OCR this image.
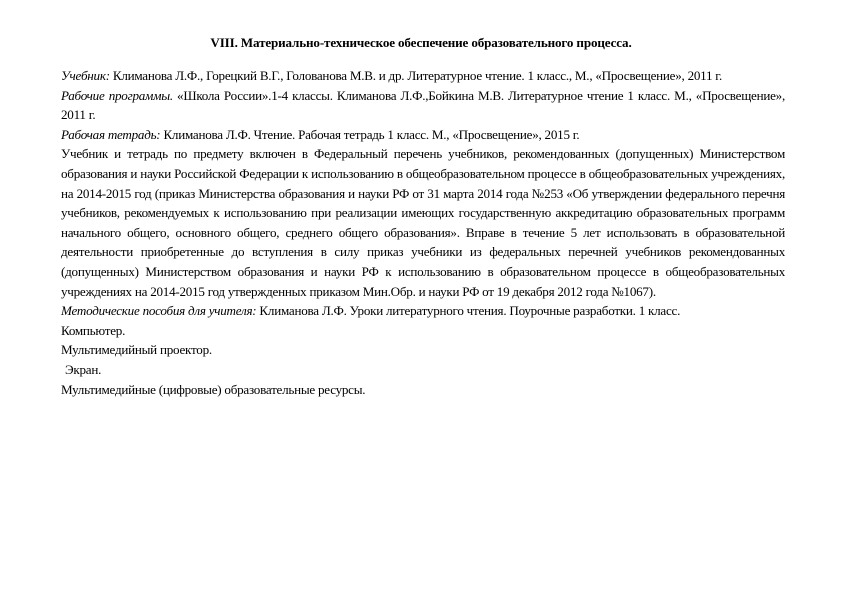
VIII. Материально-техническое обеспечение образовательного процесса.

Учебник: Климанова Л.Ф., Горецкий В.Г., Голованова М.В. и др. Литературное чтение. 1 класс., М., «Просвещение», 2011 г.

Рабочие программы. «Школа России».1-4 классы. Климанова Л.Ф.,Бойкина М.В. Литературное чтение 1 класс. М., «Просвещение», 2011 г.

Рабочая тетрадь: Климанова Л.Ф. Чтение. Рабочая тетрадь 1 класс. М., «Просвещение», 2015 г.

Учебник и тетрадь по предмету включен в Федеральный перечень учебников, рекомендованных (допущенных) Министерством образования и науки Российской Федерации к использованию в общеобразовательном процессе в общеобразовательных учреждениях, на 2014-2015 год (приказ Министерства образования и науки РФ от 31 марта 2014 года №253 «Об утверждении федерального перечня учебников, рекомендуемых к использованию при реализации имеющих государственную аккредитацию образовательных программ начального общего, основного общего, среднего общего образования». Вправе в течение 5 лет использовать в образовательной деятельности приобретенные до вступления в силу приказ учебники из федеральных перечней учебников рекомендованных (допущенных) Министерством образования и науки РФ к использованию в образовательном процессе в общеобразовательных учреждениях на 2014-2015 год утвержденных приказом Мин.Обр. и науки РФ от 19 декабря 2012 года №1067).

Методические пособия для учителя: Климанова Л.Ф. Уроки литературного чтения. Поурочные разработки. 1 класс.

Компьютер.

Мультимедийный проектор.

Экран.

Мультимедийные (цифровые) образовательные ресурсы.
